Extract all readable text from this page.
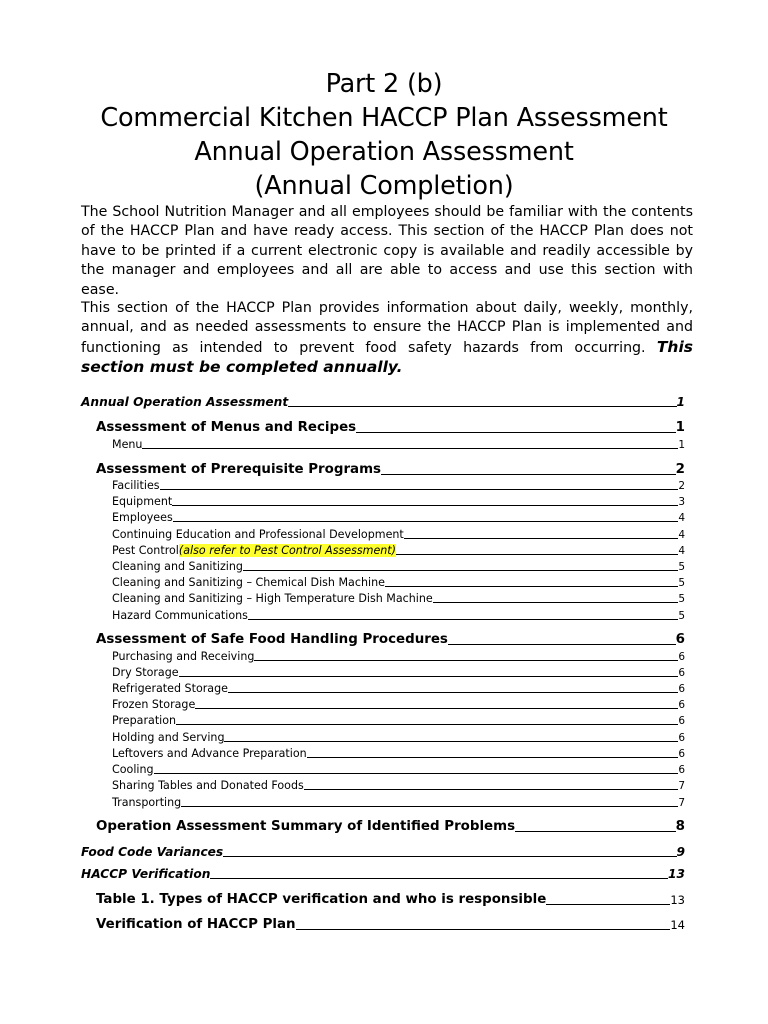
Part 2 (b)
Commercial Kitchen HACCP Plan Assessment
Annual Operation Assessment
(Annual Completion)

The School Nutrition Manager and all employees should be familiar with the contents of the HACCP Plan and have ready access. This section of the HACCP Plan does not have to be printed if a current electronic copy is available and readily accessible by the manager and employees and all are able to access and use this section with ease.

This section of the HACCP Plan provides information about daily, weekly, monthly, annual, and as needed assessments to ensure the HACCP Plan is implemented and functioning as intended to prevent food safety hazards from occurring. This section must be completed annually.

Annual Operation Assessment	1
Assessment of Menus and Recipes	1
Menu	1
Assessment of Prerequisite Programs	2
Facilities	2
Equipment	3
Employees	4
Continuing Education and Professional Development	4
Pest Control (also refer to Pest Control Assessment)	4
Cleaning and Sanitizing	5
Cleaning and Sanitizing – Chemical Dish Machine	5
Cleaning and Sanitizing – High Temperature Dish Machine	5
Hazard Communications	5
Assessment of Safe Food Handling Procedures	6
Purchasing and Receiving	6
Dry Storage	6
Refrigerated Storage	6
Frozen Storage	6
Preparation	6
Holding and Serving	6
Leftovers and Advance Preparation	6
Cooling	6
Sharing Tables and Donated Foods	7
Transporting	7
Operation Assessment Summary of Identified Problems	8
Food Code Variances	9
HACCP Verification	13
Table 1. Types of HACCP verification and who is responsible	13
Verification of HACCP Plan	14
